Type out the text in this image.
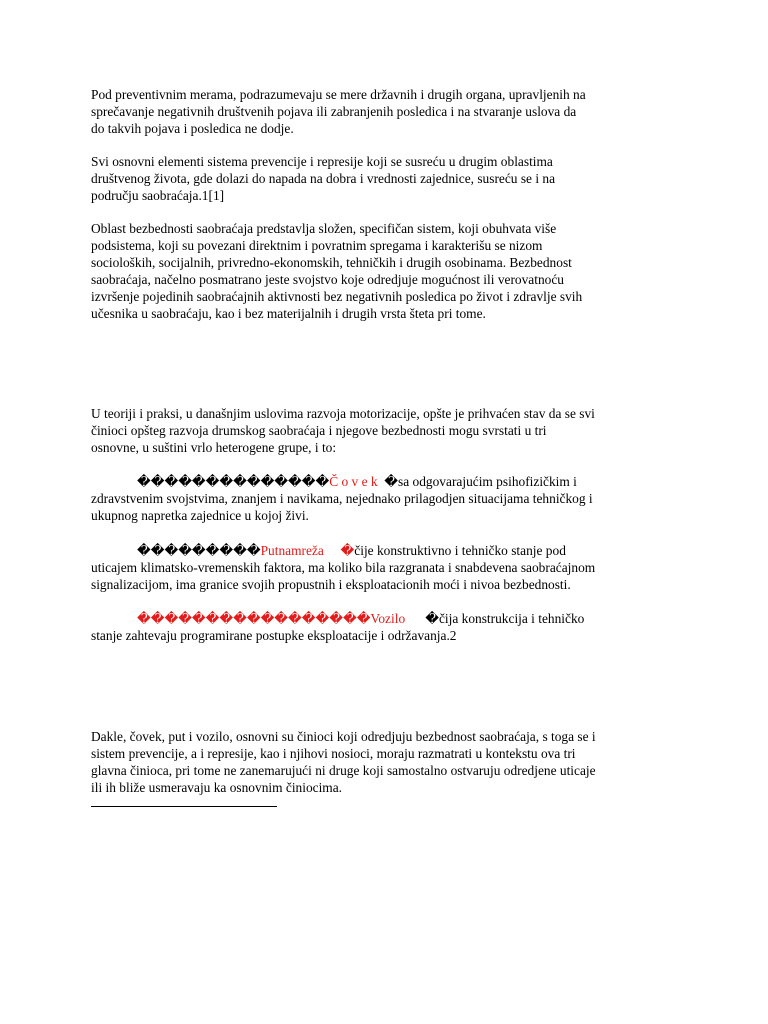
Pod preventivnim merama, podrazumevaju se mere državnih i drugih organa, upravljenih na
sprečavanje negativnih društvenih pojava ili zabranjenih posledica i na stvaranje uslova da
do takvih pojava i posledica ne dodje.

Svi osnovni elementi sistema prevencije i represije koji se susreću u drugim oblastima
društvenog života, gde dolazi do napada na dobra i vrednosti zajednice, susreću se i na
području saobraćaja.1[1]

Oblast bezbednosti saobraćaja predstavlja složen, specifičan sistem, koji obuhvata više
podsistema, koji su povezani direktnim i povratnim spregama i karakterišu se nizom
socioloških, socijalnih, privredno-ekonomskih, tehničkih i drugih osobinama. Bezbednost
saobraćaja, načelno posmatrano jeste svojstvo koje odredjuje mogućnost ili verovatnoću
izvršenje pojedinih saobraćajnih aktivnosti bez negativnih posledica po život i zdravlje svih
učesnika u saobraćaju, kao i bez materijalnih i drugih vrsta šteta pri tome.

U teoriji i praksi, u današnjim uslovima razvoja motorizacije, opšte je prihvaćen stav da se svi
činioci opšteg razvoja drumskog saobraćaja i njegove bezbednosti mogu svrstati u tri
osnovne, u suštini vrlo heterogene grupe, i to:

��������������Č o v e k  �sa odgovarajućim psihofizičkim i
zdravstvenim svojstvima, znanjem i navikama, nejednako prilagodjen situacijama tehničkog i
ukupnog napretka zajednice u kojoj živi.

���������Putnamreža     �čije konstruktivno i tehničko stanje pod
uticajem klimatsko-vremenskih faktora, ma koliko bila razgranata i snabdevena saobraćajnom
signalizacijom, ima granice svojih propustnih i eksploatacionih moći i nivoa bezbednosti.

�����������������Vozilo      �čija konstrukcija i tehničko
stanje zahtevaju programirane postupke eksploatacije i održavanja.2

Dakle, čovek, put i vozilo, osnovni su činioci koji odredjuju bezbednost saobraćaja, s toga se i
sistem prevencije, a i represije, kao i njihovi nosioci, moraju razmatrati u kontekstu ova tri
glavna činioca, pri tome ne zanemarujući ni druge koji samostalno ostvaruju odredjene uticaje
ili ih bliže usmeravaju ka osnovnim činiocima.
